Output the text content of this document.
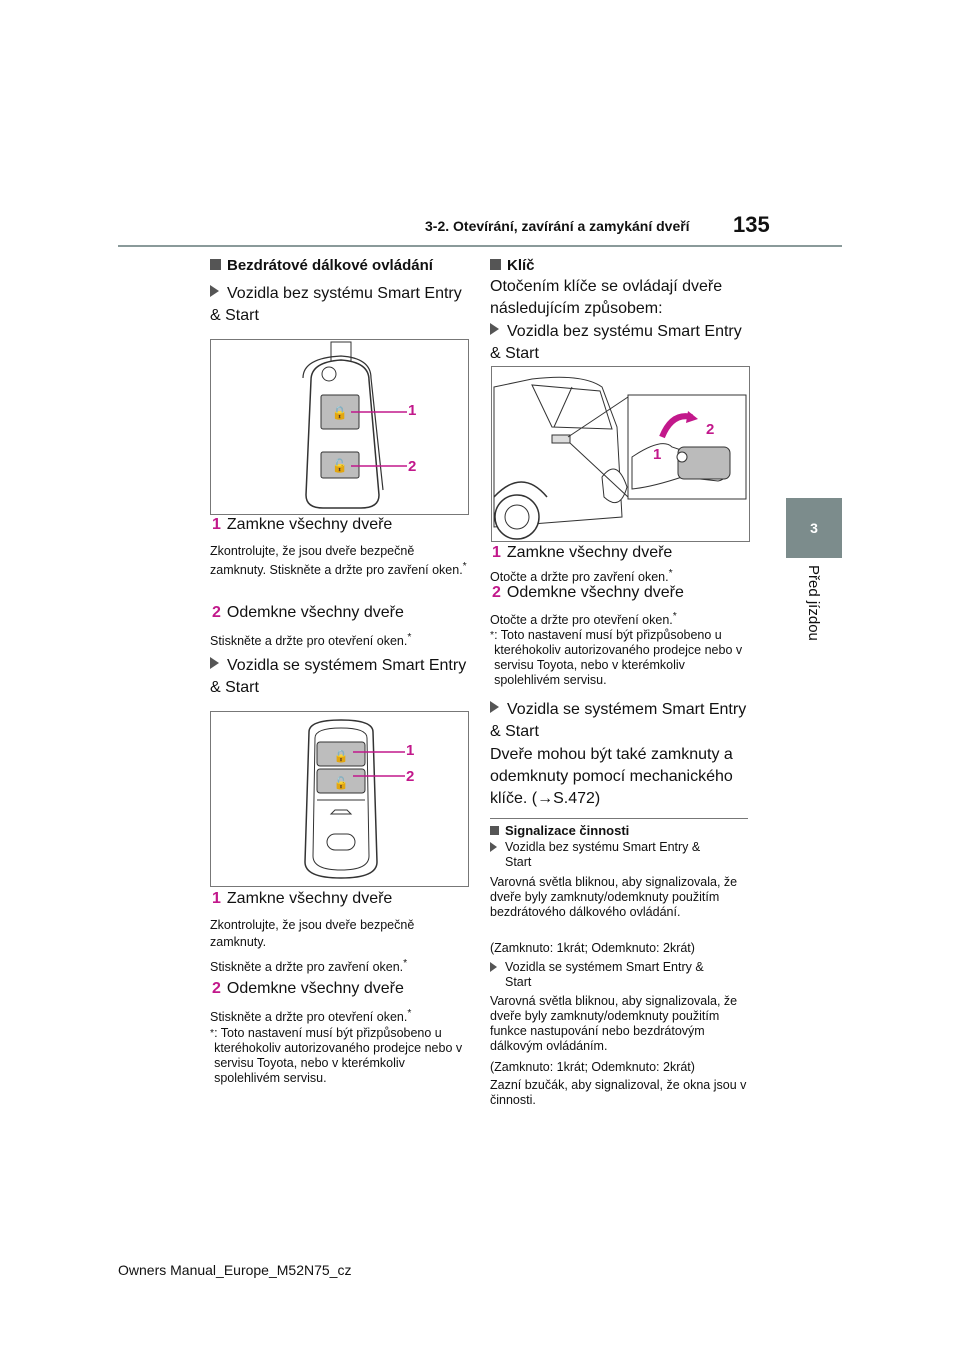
3-2. Otevírání, zavírání a zamykání dveří 135
3
Před jízdou
Bezdrátové dálkové ovládání
Vozidla bez systému Smart Entry & Start
🔒
🔓
1
2
1 Zamkne všechny dveře
Zkontrolujte, že jsou dveře bezpečně zamknuty. Stiskněte a držte pro zavření oken.*
2 Odemkne všechny dveře
Stiskněte a držte pro otevření oken.*
Vozidla se systémem Smart Entry & Start
🔒
🔓
1
2
1 Zamkne všechny dveře
Zkontrolujte, že jsou dveře bezpečně zamknuty.
Stiskněte a držte pro zavření oken.*
2 Odemkne všechny dveře
Stiskněte a držte pro otevření oken.*
* : Toto nastavení musí být přizpůsobeno u kteréhokoliv autorizovaného prodejce nebo v servisu Toyota, nebo v kterémkoliv spolehlivém servisu.
Klíč
Otočením klíče se ovládají dveře následujícím způsobem:
Vozidla bez systému Smart Entry & Start
2
1
1 Zamkne všechny dveře
Otočte a držte pro zavření oken.*
2 Odemkne všechny dveře
Otočte a držte pro otevření oken.*
* : Toto nastavení musí být přizpůsobeno u kteréhokoliv autorizovaného prodejce nebo v servisu Toyota, nebo v kterémkoliv spolehlivém servisu.
Vozidla se systémem Smart Entry & Start
Dveře mohou být také zamknuty a odemknuty pomocí mechanického klíče. (→S.472)
Signalizace činnosti
Vozidla bez systému Smart Entry & Start
Varovná světla bliknou, aby signalizovala, že dveře byly zamknuty/odemknuty použitím bezdrátového dálkového ovládání.
(Zamknuto: 1krát; Odemknuto: 2krát)
Vozidla se systémem Smart Entry & Start
Varovná světla bliknou, aby signalizovala, že dveře byly zamknuty/odemknuty použitím funkce nastupování nebo bezdrátovým dálkovým ovládáním.
(Zamknuto: 1krát; Odemknuto: 2krát)
Zazní bzučák, aby signalizoval, že okna jsou v činnosti.
Owners Manual_Europe_M52N75_cz
